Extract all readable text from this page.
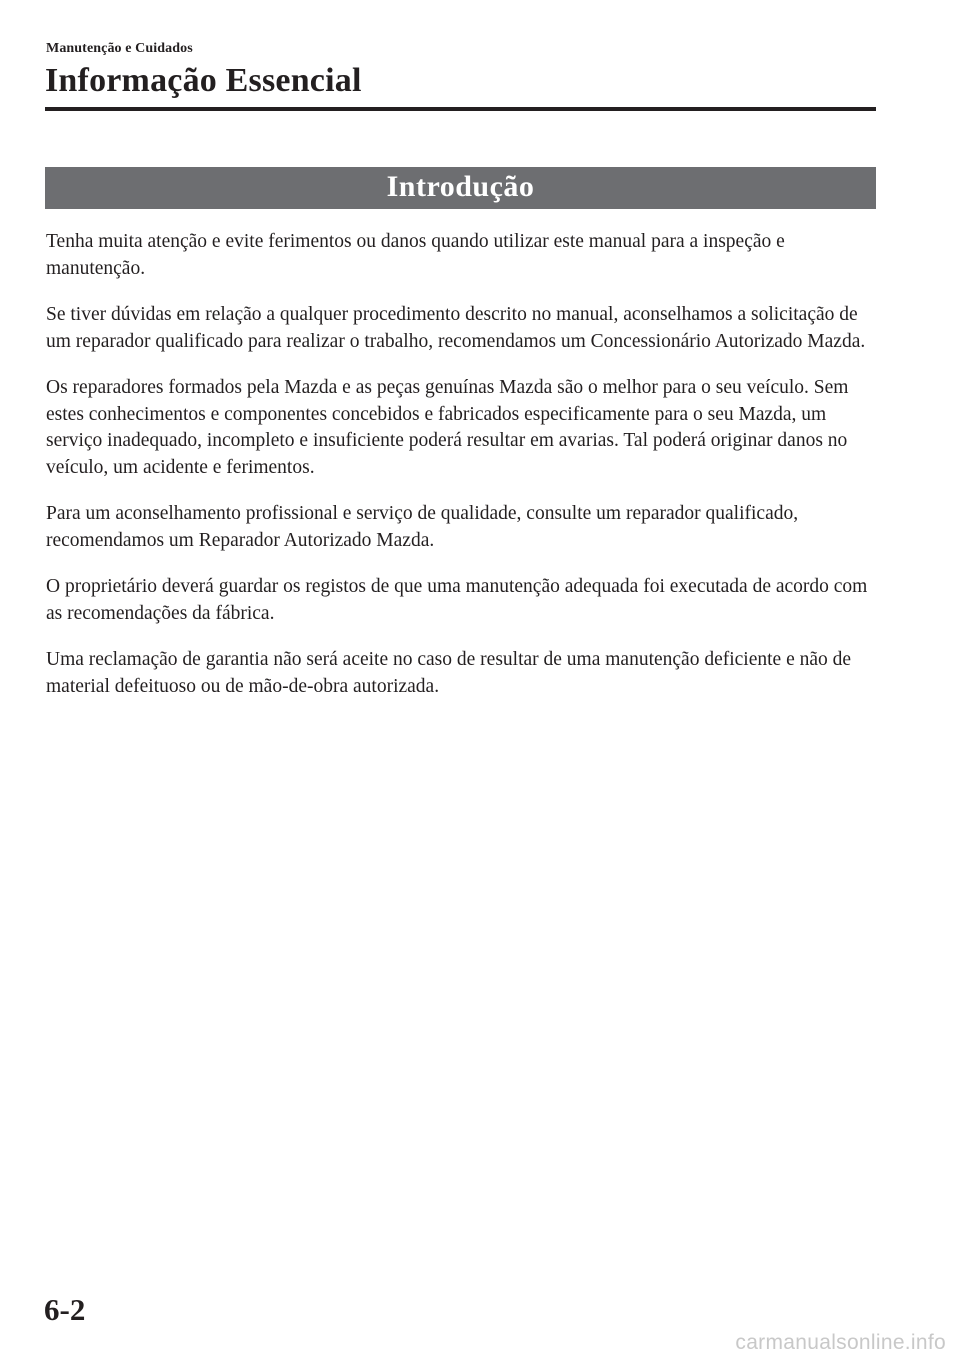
Manutenção e Cuidados
Informação Essencial
Introdução

Tenha muita atenção e evite ferimentos ou danos quando utilizar este manual para a inspeção e manutenção.

Se tiver dúvidas em relação a qualquer procedimento descrito no manual, aconselhamos a solicitação de um reparador qualificado para realizar o trabalho, recomendamos um Concessionário Autorizado Mazda.

Os reparadores formados pela Mazda e as peças genuínas Mazda são o melhor para o seu veículo. Sem estes conhecimentos e componentes concebidos e fabricados especificamente para o seu Mazda, um serviço inadequado, incompleto e insuficiente poderá resultar em avarias. Tal poderá originar danos no veículo, um acidente e ferimentos.

Para um aconselhamento profissional e serviço de qualidade, consulte um reparador qualificado, recomendamos um Reparador Autorizado Mazda.

O proprietário deverá guardar os registos de que uma manutenção adequada foi executada de acordo com as recomendações da fábrica.

Uma reclamação de garantia não será aceite no caso de resultar de uma manutenção deficiente e não de material defeituoso ou de mão-de-obra autorizada.

6-2
carmanualsonline.info
